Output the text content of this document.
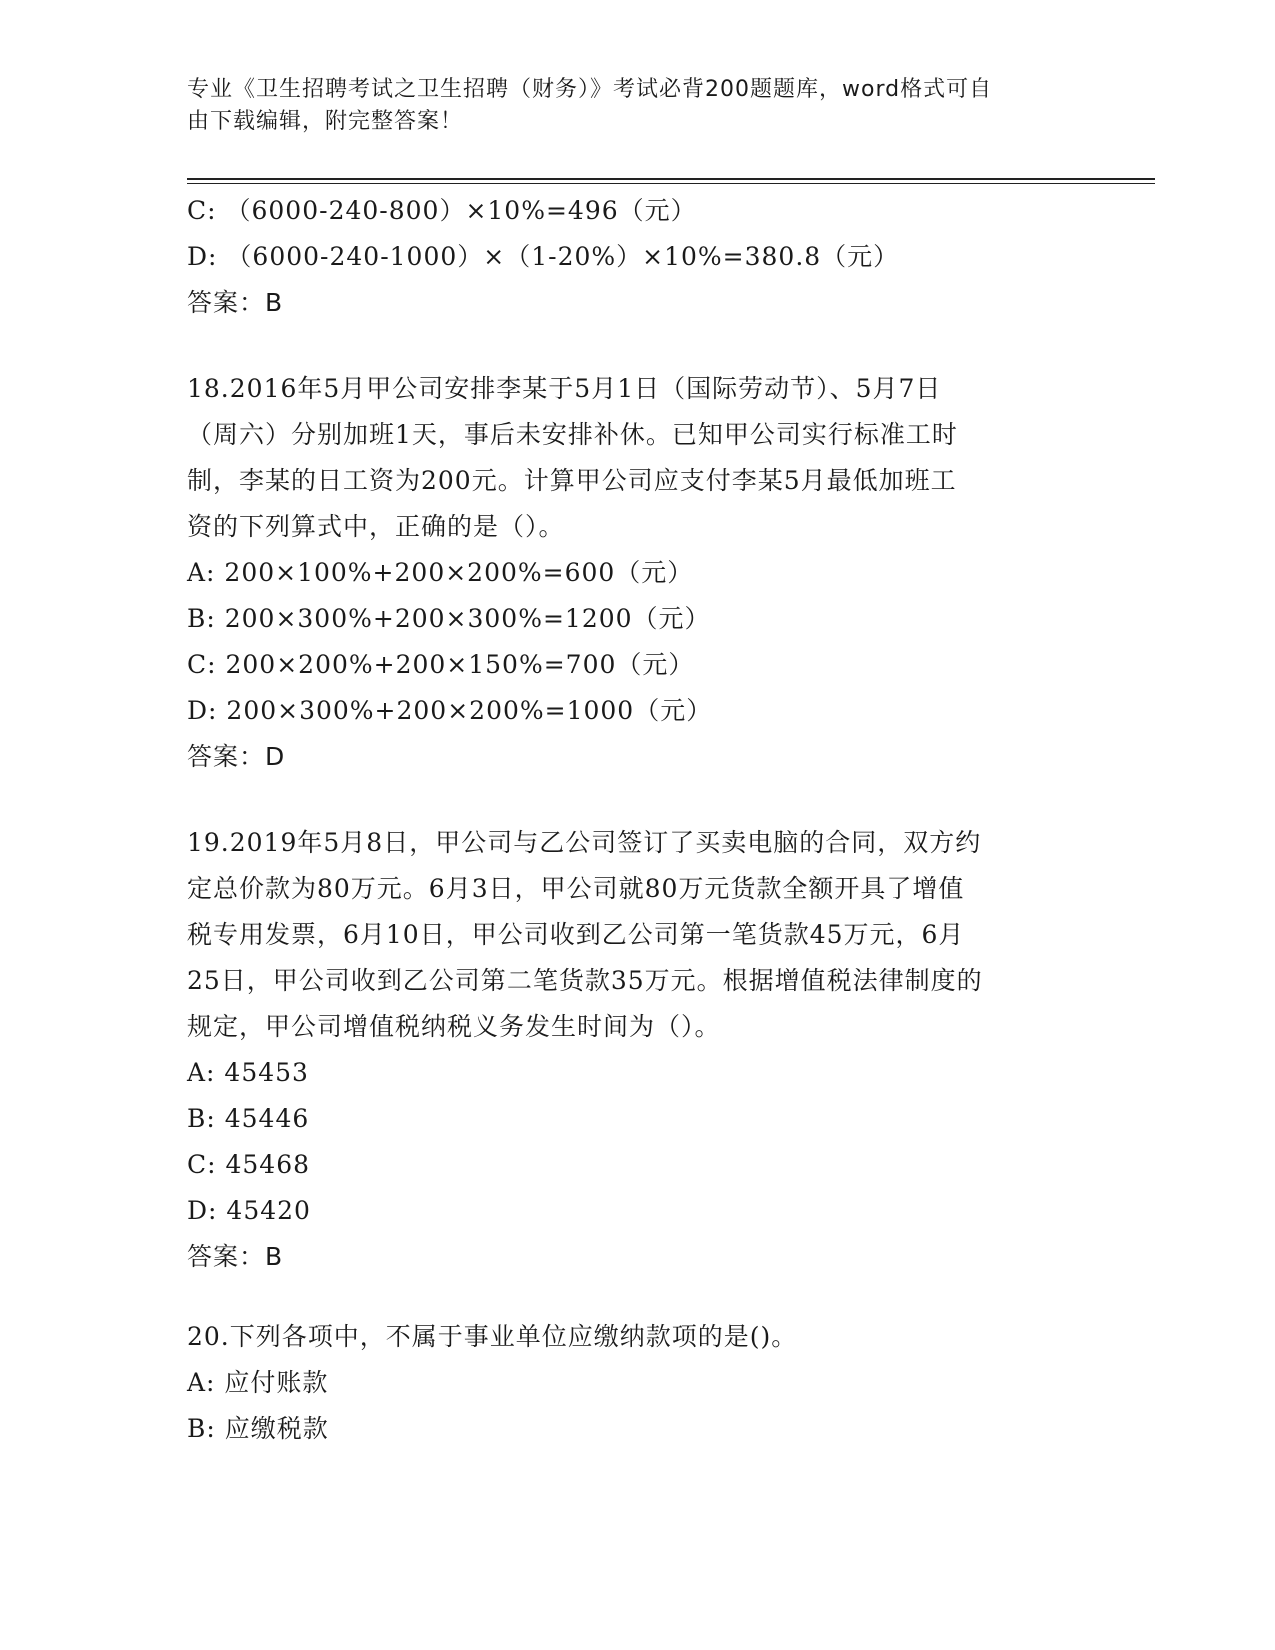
专业《卫生招聘考试之卫生招聘（财务）》考试必背200题题库，word格式可自
由下载编辑，附完整答案！
C: （6000-240-800）×10%=496（元）
D: （6000-240-1000）×（1-20%）×10%=380.8（元）
答案：B
18.2016年5月甲公司安排李某于5月1日（国际劳动节）、5月7日
（周六）分别加班1天，事后未安排补休。已知甲公司实行标准工时
制，李某的日工资为200元。计算甲公司应支付李某5月最低加班工
资的下列算式中，正确的是（）。
A: 200×100%+200×200%=600（元）
B: 200×300%+200×300%=1200（元）
C: 200×200%+200×150%=700（元）
D: 200×300%+200×200%=1000（元）
答案：D
19.2019年5月8日，甲公司与乙公司签订了买卖电脑的合同，双方约
定总价款为80万元。6月3日，甲公司就80万元货款全额开具了增值
税专用发票，6月10日，甲公司收到乙公司第一笔货款45万元，6月
25日，甲公司收到乙公司第二笔货款35万元。根据增值税法律制度的
规定，甲公司增值税纳税义务发生时间为（）。
A: 45453
B: 45446
C: 45468
D: 45420
答案：B
20.下列各项中，不属于事业单位应缴纳款项的是()。
A: 应付账款
B: 应缴税款
